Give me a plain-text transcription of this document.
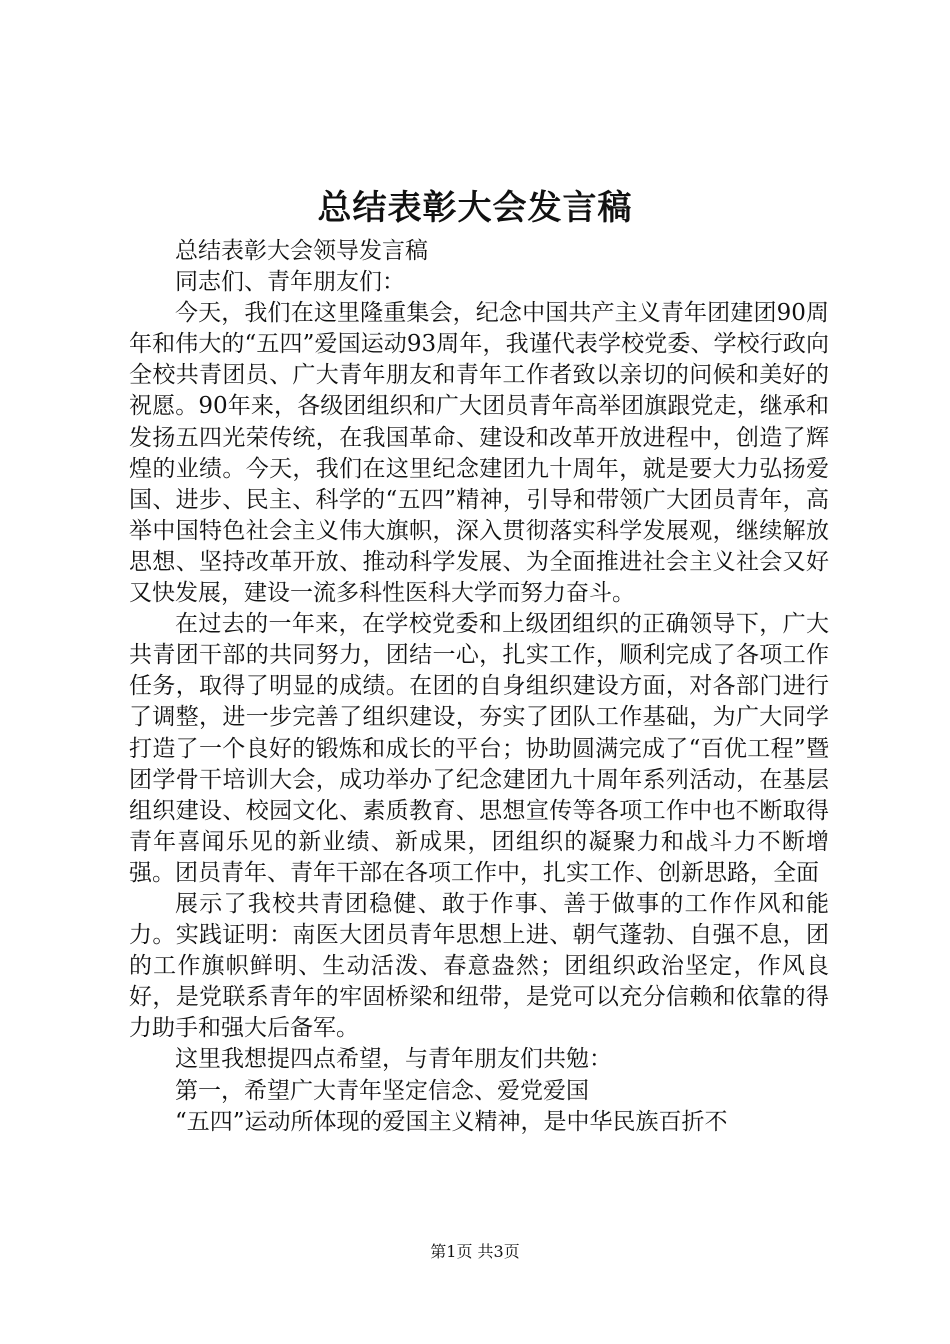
总结表彰大会发言稿

总结表彰大会领导发言稿

同志们、青年朋友们：

今天，我们在这里隆重集会，纪念中国共产主义青年团建团90周年和伟大的“五四”爱国运动93周年，我谨代表学校党委、学校行政向全校共青团员、广大青年朋友和青年工作者致以亲切的问候和美好的祝愿。90年来，各级团组织和广大团员青年高举团旗跟党走，继承和发扬五四光荣传统，在我国革命、建设和改革开放进程中，创造了辉煌的业绩。今天，我们在这里纪念建团九十周年，就是要大力弘扬爱国、进步、民主、科学的“五四”精神，引导和带领广大团员青年，高举中国特色社会主义伟大旗帜，深入贯彻落实科学发展观，继续解放思想、坚持改革开放、推动科学发展、为全面推进社会主义社会又好又快发展，建设一流多科性医科大学而努力奋斗。

在过去的一年来，在学校党委和上级团组织的正确领导下，广大共青团干部的共同努力，团结一心，扎实工作，顺利完成了各项工作任务，取得了明显的成绩。在团的自身组织建设方面，对各部门进行了调整，进一步完善了组织建设，夯实了团队工作基础，为广大同学打造了一个良好的锻炼和成长的平台；协助圆满完成了“百优工程”暨团学骨干培训大会，成功举办了纪念建团九十周年系列活动，在基层组织建设、校园文化、素质教育、思想宣传等各项工作中也不断取得青年喜闻乐见的新业绩、新成果，团组织的凝聚力和战斗力不断增强。团员青年、青年干部在各项工作中，扎实工作、创新思路，全面

展示了我校共青团稳健、敢于作事、善于做事的工作作风和能力。实践证明：南医大团员青年思想上进、朝气蓬勃、自强不息，团的工作旗帜鲜明、生动活泼、春意盎然；团组织政治坚定，作风良好，是党联系青年的牢固桥梁和纽带，是党可以充分信赖和依靠的得力助手和强大后备军。

这里我想提四点希望，与青年朋友们共勉：

第一，希望广大青年坚定信念、爱党爱国

“五四”运动所体现的爱国主义精神，是中华民族百折不

第1页 共3页
